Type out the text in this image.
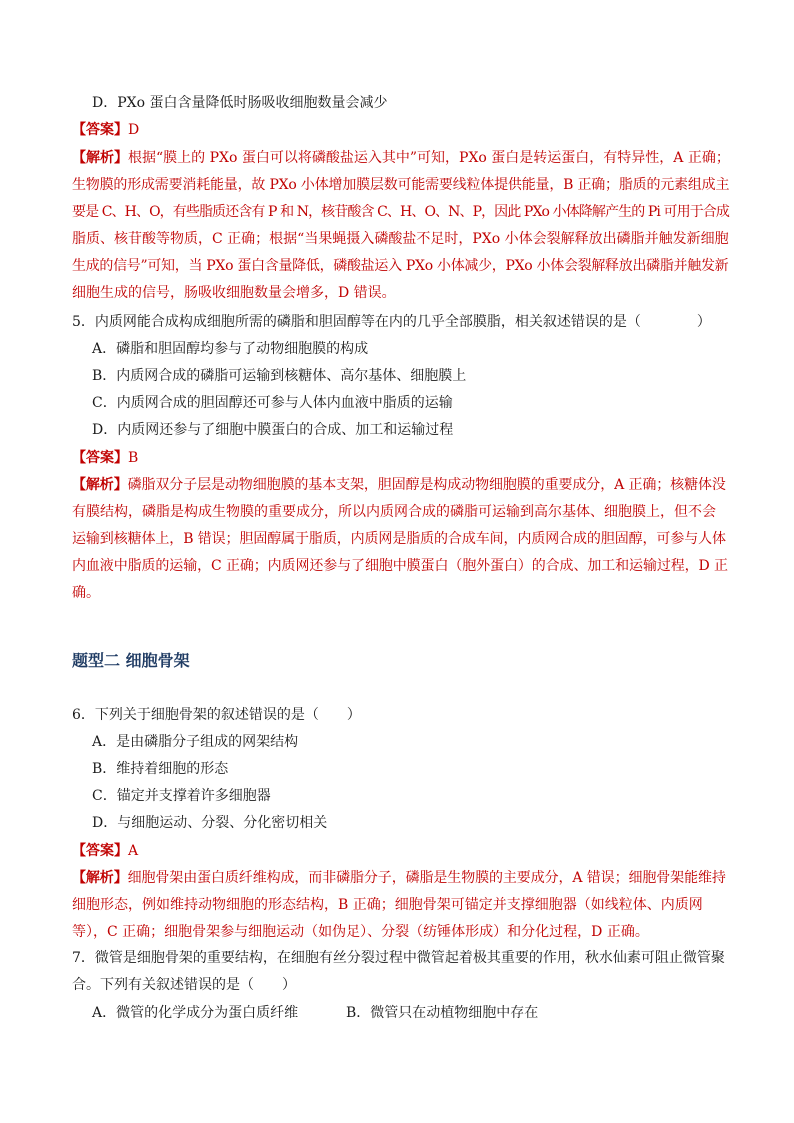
D．PXo 蛋白含量降低时肠吸收细胞数量会减少
【答案】D
【解析】根据“膜上的 PXo 蛋白可以将磷酸盐运入其中”可知，PXo 蛋白是转运蛋白，有特异性，A 正确；
生物膜的形成需要消耗能量，故 PXo 小体增加膜层数可能需要线粒体提供能量，B 正确；脂质的元素组成主
要是 C、H、O，有些脂质还含有 P 和 N，核苷酸含 C、H、O、N、P，因此 PXo 小体降解产生的 Pi 可用于合成
脂质、核苷酸等物质，C 正确；根据“当果蝇摄入磷酸盐不足时，PXo 小体会裂解释放出磷脂并触发新细胞
生成的信号”可知，当 PXo 蛋白含量降低，磷酸盐运入 PXo 小体减少，PXo 小体会裂解释放出磷脂并触发新
细胞生成的信号，肠吸收细胞数量会增多，D 错误。
5．内质网能合成构成细胞所需的磷脂和胆固醇等在内的几乎全部膜脂，相关叙述错误的是（　　　　）
A．磷脂和胆固醇均参与了动物细胞膜的构成
B．内质网合成的磷脂可运输到核糖体、高尔基体、细胞膜上
C．内质网合成的胆固醇还可参与人体内血液中脂质的运输
D．内质网还参与了细胞中膜蛋白的合成、加工和运输过程
【答案】B
【解析】磷脂双分子层是动物细胞膜的基本支架，胆固醇是构成动物细胞膜的重要成分，A 正确；核糖体没
有膜结构，磷脂是构成生物膜的重要成分，所以内质网合成的磷脂可运输到高尔基体、细胞膜上，但不会
运输到核糖体上，B 错误；胆固醇属于脂质，内质网是脂质的合成车间，内质网合成的胆固醇，可参与人体
内血液中脂质的运输，C 正确；内质网还参与了细胞中膜蛋白（胞外蛋白）的合成、加工和运输过程，D 正
确。
题型二 细胞骨架
6．下列关于细胞骨架的叙述错误的是（　　）
A．是由磷脂分子组成的网架结构
B．维持着细胞的形态
C．锚定并支撑着许多细胞器
D．与细胞运动、分裂、分化密切相关
【答案】A
【解析】细胞骨架由蛋白质纤维构成，而非磷脂分子，磷脂是生物膜的主要成分，A 错误；细胞骨架能维持
细胞形态，例如维持动物细胞的形态结构，B 正确；细胞骨架可锚定并支撑细胞器（如线粒体、内质网
等），C 正确；细胞骨架参与细胞运动（如伪足）、分裂（纺锤体形成）和分化过程，D 正确。
7．微管是细胞骨架的重要结构，在细胞有丝分裂过程中微管起着极其重要的作用，秋水仙素可阻止微管聚
合。下列有关叙述错误的是（　　）
A．微管的化学成分为蛋白质纤维	B．微管只在动植物细胞中存在
